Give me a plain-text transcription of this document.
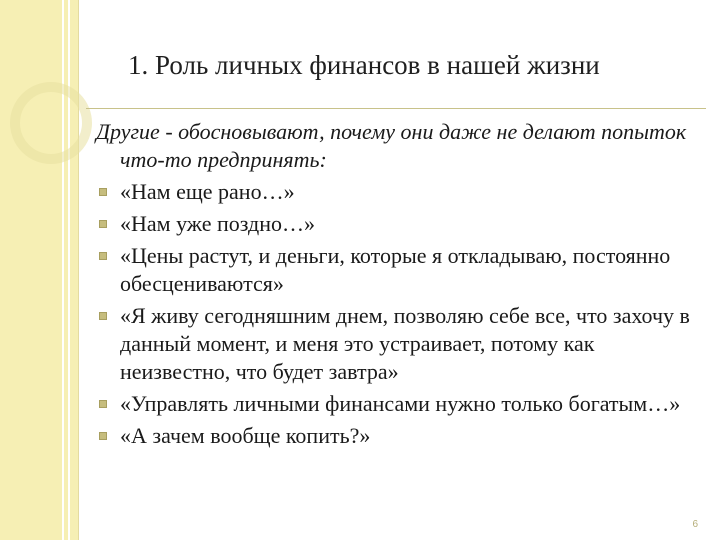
1. Роль личных финансов в нашей жизни

Другие - обосновывают, почему они даже не делают попыток что-то предпринять:

«Нам еще рано…»
«Нам уже поздно…»
«Цены растут, и деньги, которые я откладываю, постоянно обесцениваются»
«Я живу сегодняшним днем, позволяю себе все, что захочу в данный момент, и меня это устраивает, потому как неизвестно, что будет завтра»
«Управлять личными финансами нужно только богатым…»
«А зачем вообще копить?»
6
